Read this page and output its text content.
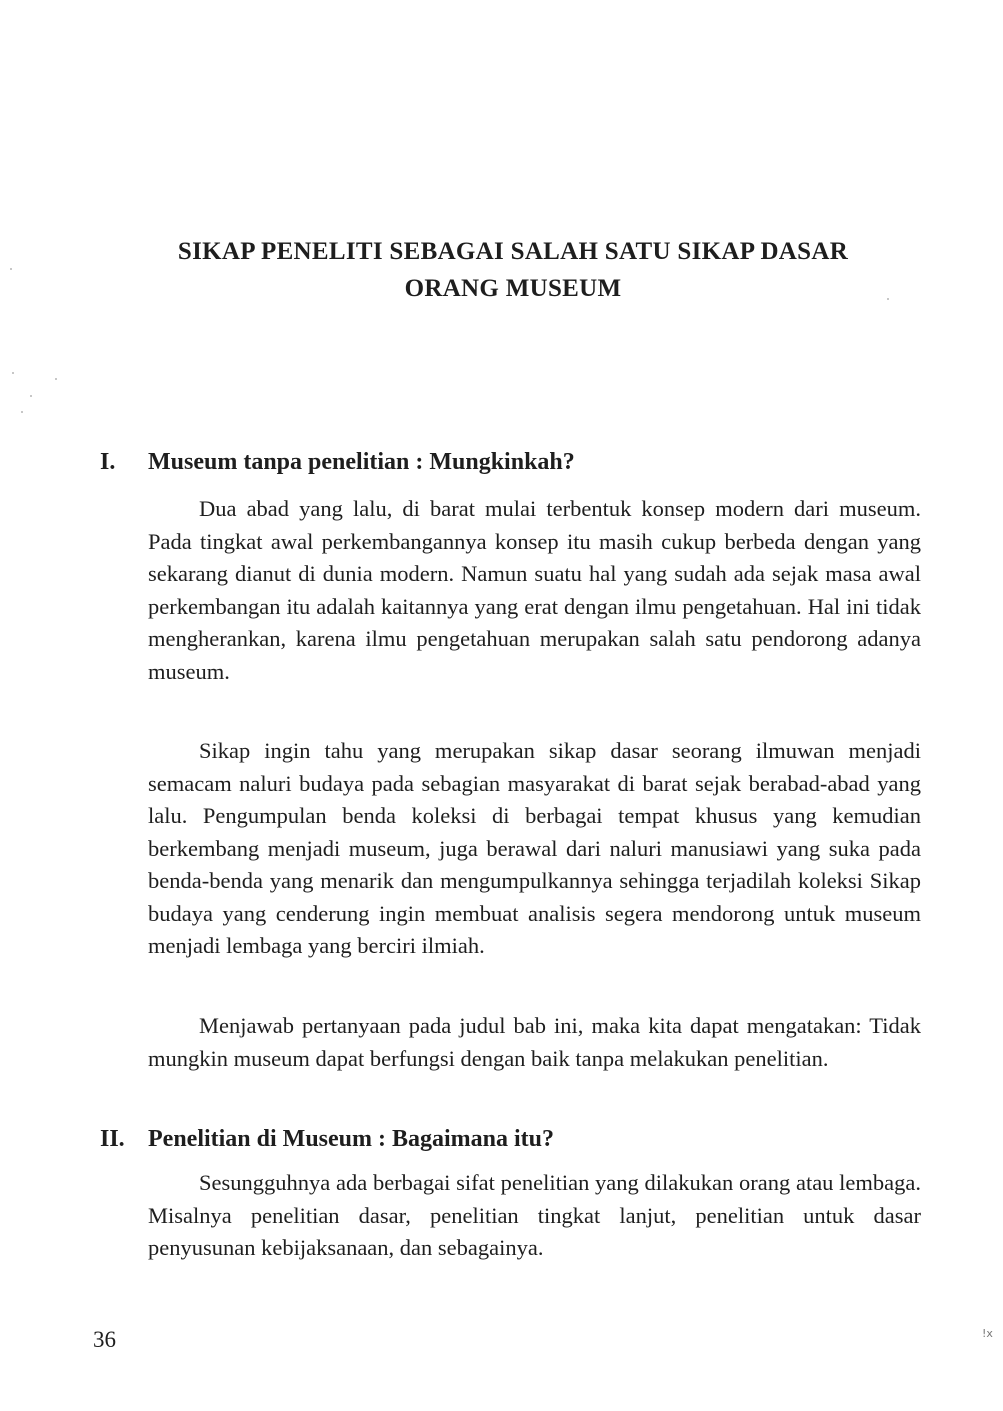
SIKAP PENELITI SEBAGAI SALAH SATU SIKAP DASAR
ORANG MUSEUM
I. Museum tanpa penelitian : Mungkinkah?

Dua abad yang lalu, di barat mulai terbentuk konsep modern dari museum. Pada tingkat awal perkembangannya konsep itu masih cukup berbeda dengan yang sekarang dianut di dunia modern. Namun suatu hal yang sudah ada sejak masa awal perkembangan itu adalah kaitannya yang erat dengan ilmu pengetahuan. Hal ini tidak mengherankan, karena ilmu pengetahuan merupakan salah satu pendorong adanya museum.

Sikap ingin tahu yang merupakan sikap dasar seorang ilmuwan menjadi semacam naluri budaya pada sebagian masyarakat di barat sejak berabad-abad yang lalu. Pengumpulan benda koleksi di berbagai tempat khusus yang kemudian berkembang menjadi museum, juga berawal dari naluri manusiawi yang suka pada benda-benda yang menarik dan mengumpulkannya sehingga terjadilah koleksi Sikap budaya yang cenderung ingin membuat analisis segera mendorong untuk museum menjadi lembaga yang berciri ilmiah.

Menjawab pertanyaan pada judul bab ini, maka kita dapat mengatakan: Tidak mungkin museum dapat berfungsi dengan baik tanpa melakukan penelitian.

II. Penelitian di Museum : Bagaimana itu?

Sesungguhnya ada berbagai sifat penelitian yang dilakukan orang atau lembaga. Misalnya penelitian dasar, penelitian tingkat lanjut, penelitian untuk dasar penyusunan kebijaksanaan, dan sebagainya.

36	!x
